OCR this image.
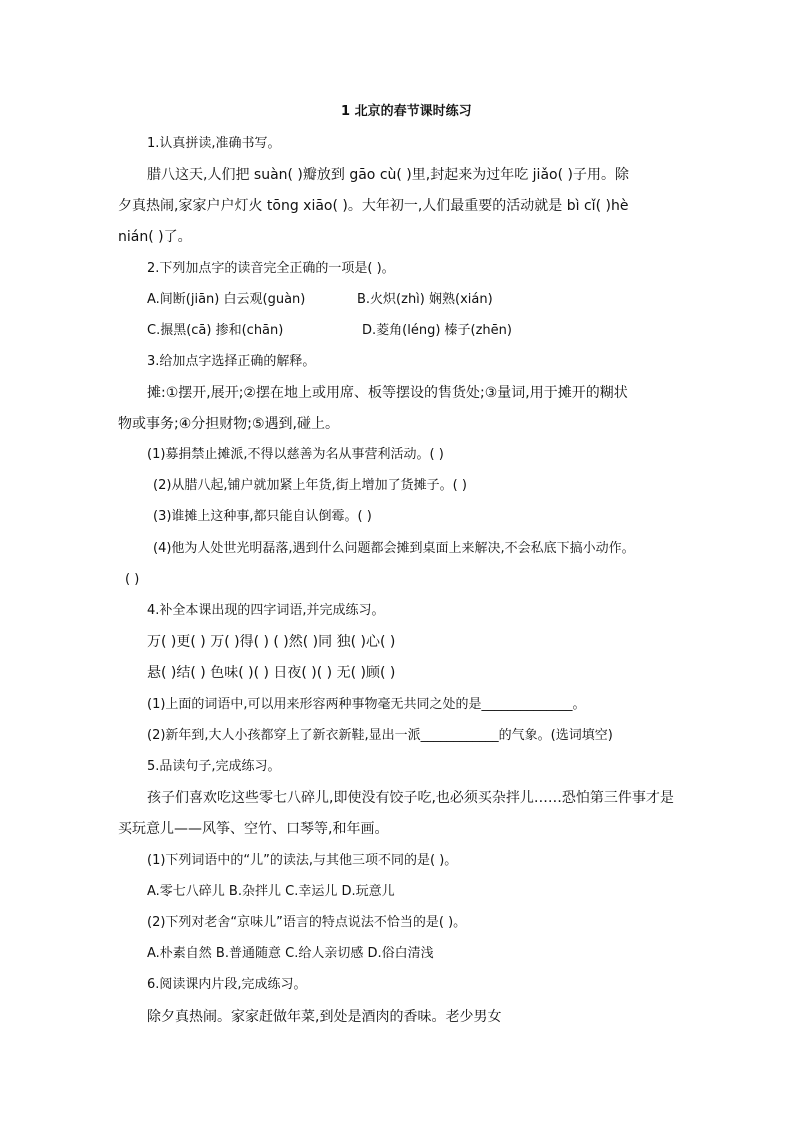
1 北京的春节课时练习
1.认真拼读,准确书写。
腊八这天,人们把 suàn( )瓣放到 gāo cù( )里,封起来为过年吃 jiǎo( )子用。除
夕真热闹,家家户户灯火 tōng xiāo( )。大年初一,人们最重要的活动就是 bì cǐ( )hè
nián( )了。
2.下列加点字的读音完全正确的一项是( )。
A.间断(jiān) 白云观(guàn)	B.火炽(zhì) 娴熟(xián)
C.搌黑(cā) 掺和(chān)	D.菱角(léng) 榛子(zhēn)
3.给加点字选择正确的解释。
摊:①摆开,展开;②摆在地上或用席、板等摆设的售货处;③量词,用于摊开的糊状
物或事务;④分担财物;⑤遇到,碰上。
(1)募捐禁止摊派,不得以慈善为名从事营利活动。( )
(2)从腊八起,铺户就加紧上年货,街上增加了货摊子。( )
(3)谁摊上这种事,都只能自认倒霉。( )
(4)他为人处世光明磊落,遇到什么问题都会摊到桌面上来解决,不会私底下搞小动作。
( )
4.补全本课出现的四字词语,并完成练习。
万( )更( ) 万( )得( ) ( )然( )同 独( )心( )
悬( )结( ) 色味( )( ) 日夜( )( ) 无( )顾( )
(1)上面的词语中,可以用来形容两种事物毫无共同之处的是______________。
(2)新年到,大人小孩都穿上了新衣新鞋,显出一派____________的气象。(选词填空)
5.品读句子,完成练习。
孩子们喜欢吃这些零七八碎儿,即使没有饺子吃,也必须买杂拌儿……恐怕第三件事才是
买玩意儿——风筝、空竹、口琴等,和年画。
(1)下列词语中的“儿”的读法,与其他三项不同的是( )。
A.零七八碎儿 B.杂拌儿 C.幸运儿 D.玩意儿
(2)下列对老舍“京味儿”语言的特点说法不恰当的是( )。
A.朴素自然 B.普通随意 C.给人亲切感 D.俗白清浅
6.阅读课内片段,完成练习。
除夕真热闹。家家赶做年菜,到处是酒肉的香味。老少男女
